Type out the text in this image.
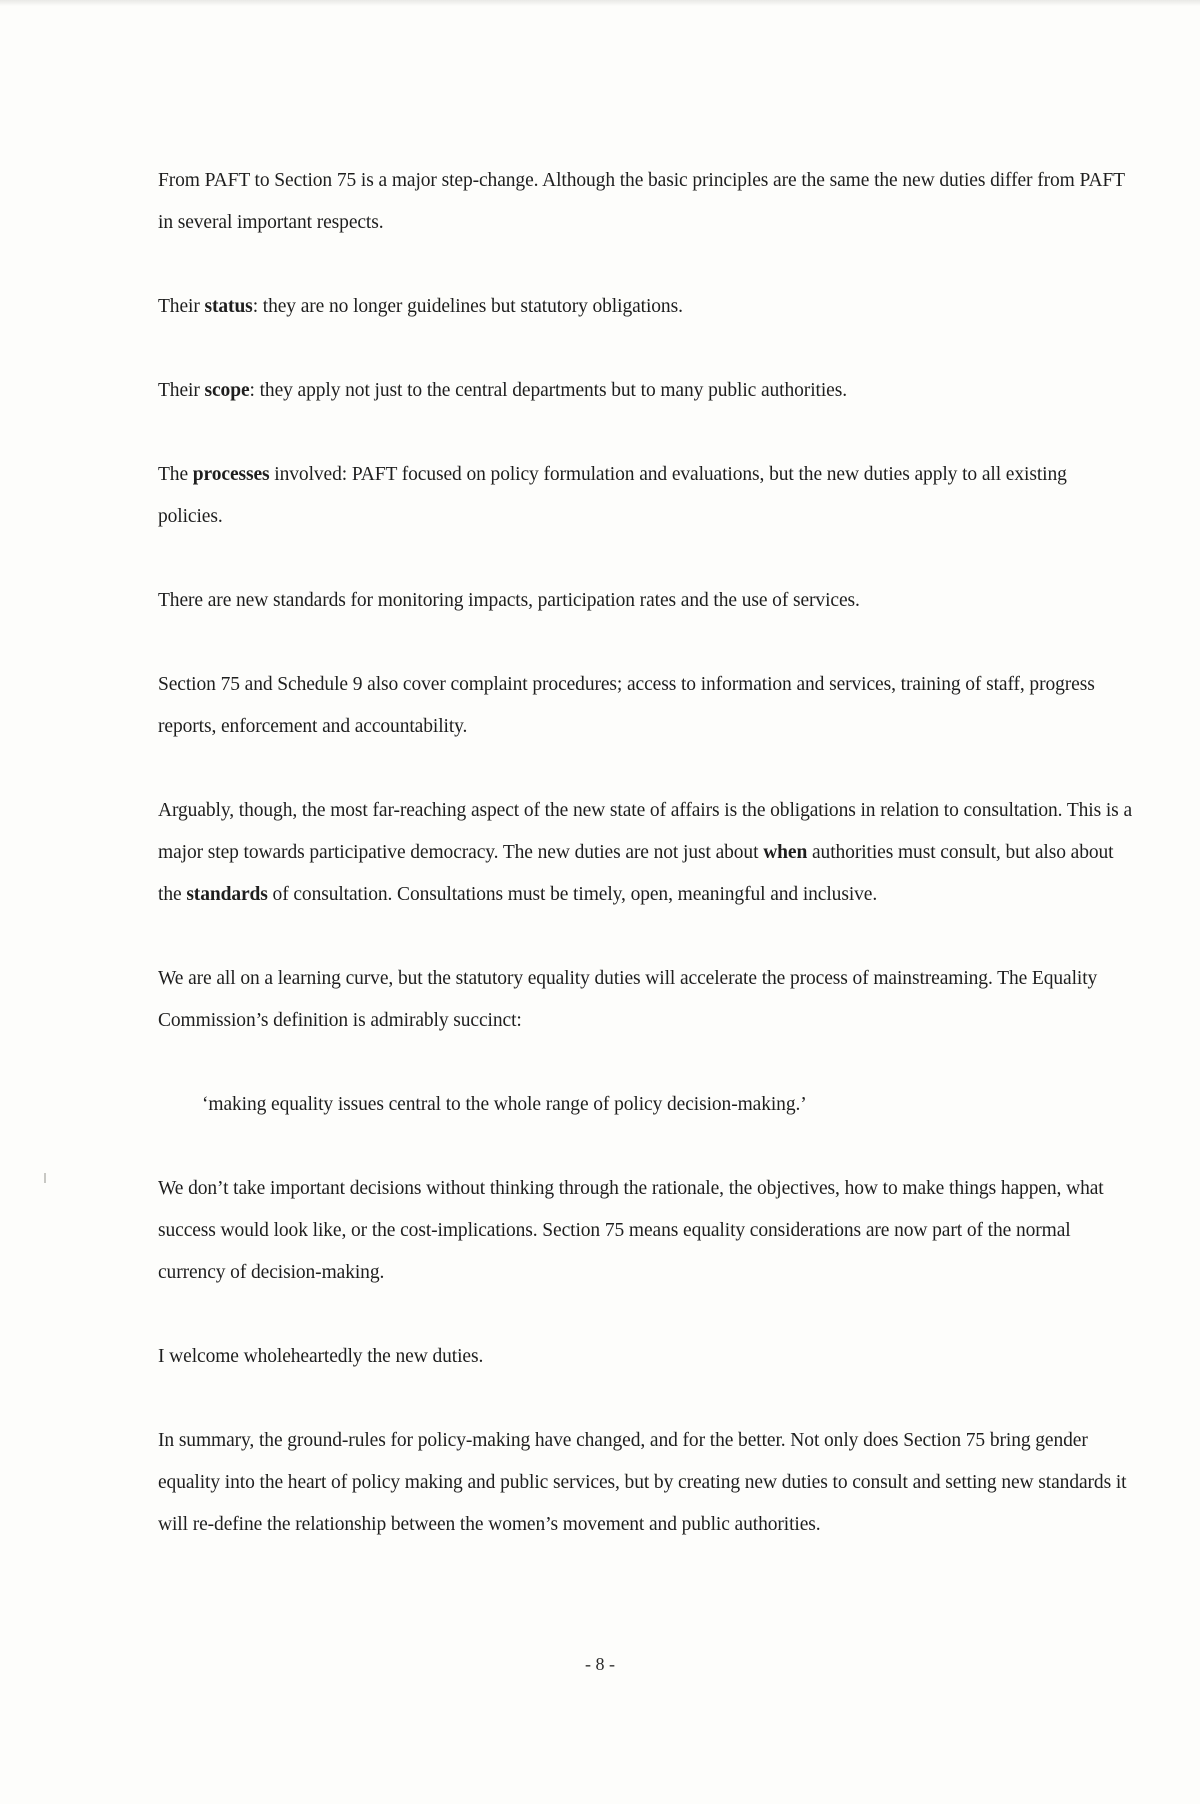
From PAFT to Section 75 is a major step-change. Although the basic principles are the same the new duties differ from PAFT in several important respects.

Their status: they are no longer guidelines but statutory obligations.

Their scope: they apply not just to the central departments but to many public authorities.

The processes involved: PAFT focused on policy formulation and evaluations, but the new duties apply to all existing policies.

There are new standards for monitoring impacts, participation rates and the use of services.

Section 75 and Schedule 9 also cover complaint procedures; access to information and services, training of staff, progress reports, enforcement and accountability.

Arguably, though, the most far-reaching aspect of the new state of affairs is the obligations in relation to consultation. This is a major step towards participative democracy. The new duties are not just about when authorities must consult, but also about the standards of consultation. Consultations must be timely, open, meaningful and inclusive.

We are all on a learning curve, but the statutory equality duties will accelerate the process of mainstreaming. The Equality Commission’s definition is admirably succinct:

‘making equality issues central to the whole range of policy decision-making.’

We don’t take important decisions without thinking through the rationale, the objectives, how to make things happen, what success would look like, or the cost-implications. Section 75 means equality considerations are now part of the normal currency of decision-making.

I welcome wholeheartedly the new duties.

In summary, the ground-rules for policy-making have changed, and for the better. Not only does Section 75 bring gender equality into the heart of policy making and public services, but by creating new duties to consult and setting new standards it will re-define the relationship between the women’s movement and public authorities.

- 8 -
